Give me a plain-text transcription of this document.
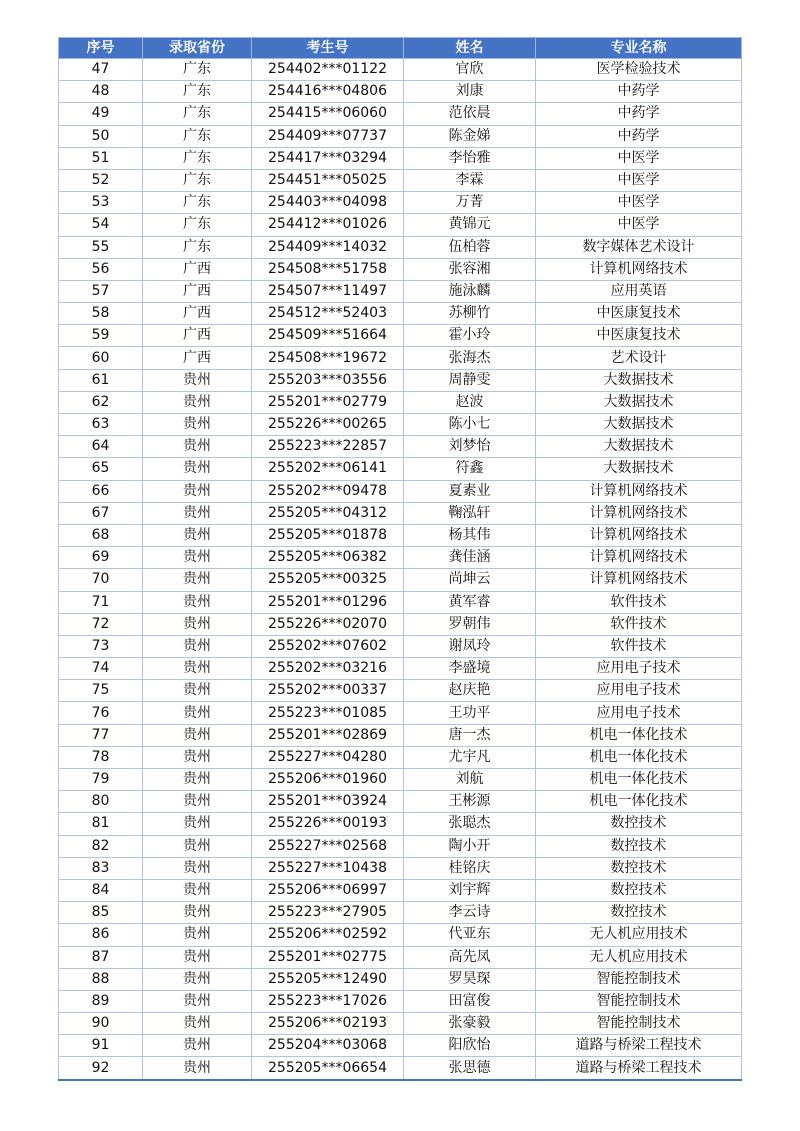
序号	录取省份	考生号	姓名	专业名称
47	广东	254402***01122	官欣	医学检验技术
48	广东	254416***04806	刘康	中药学
49	广东	254415***06060	范依晨	中药学
50	广东	254409***07737	陈金娣	中药学
51	广东	254417***03294	李怡雅	中医学
52	广东	254451***05025	李霖	中医学
53	广东	254403***04098	万菁	中医学
54	广东	254412***01026	黄锦元	中医学
55	广东	254409***14032	伍柏蓉	数字媒体艺术设计
56	广西	254508***51758	张容湘	计算机网络技术
57	广西	254507***11497	施泳麟	应用英语
58	广西	254512***52403	苏柳竹	中医康复技术
59	广西	254509***51664	霍小玲	中医康复技术
60	广西	254508***19672	张海杰	艺术设计
61	贵州	255203***03556	周静雯	大数据技术
62	贵州	255201***02779	赵波	大数据技术
63	贵州	255226***00265	陈小七	大数据技术
64	贵州	255223***22857	刘梦怡	大数据技术
65	贵州	255202***06141	符鑫	大数据技术
66	贵州	255202***09478	夏素业	计算机网络技术
67	贵州	255205***04312	鞠泓轩	计算机网络技术
68	贵州	255205***01878	杨其伟	计算机网络技术
69	贵州	255205***06382	龚佳涵	计算机网络技术
70	贵州	255205***00325	尚坤云	计算机网络技术
71	贵州	255201***01296	黄军睿	软件技术
72	贵州	255226***02070	罗朝伟	软件技术
73	贵州	255202***07602	谢凤玲	软件技术
74	贵州	255202***03216	李盛境	应用电子技术
75	贵州	255202***00337	赵庆艳	应用电子技术
76	贵州	255223***01085	王功平	应用电子技术
77	贵州	255201***02869	唐一杰	机电一体化技术
78	贵州	255227***04280	尤宇凡	机电一体化技术
79	贵州	255206***01960	刘航	机电一体化技术
80	贵州	255201***03924	王彬源	机电一体化技术
81	贵州	255226***00193	张聪杰	数控技术
82	贵州	255227***02568	陶小开	数控技术
83	贵州	255227***10438	桂铭庆	数控技术
84	贵州	255206***06997	刘宇辉	数控技术
85	贵州	255223***27905	李云诗	数控技术
86	贵州	255206***02592	代亚东	无人机应用技术
87	贵州	255201***02775	高先凤	无人机应用技术
88	贵州	255205***12490	罗昊琛	智能控制技术
89	贵州	255223***17026	田富俊	智能控制技术
90	贵州	255206***02193	张豪毅	智能控制技术
91	贵州	255204***03068	阳欣怡	道路与桥梁工程技术
92	贵州	255205***06654	张思德	道路与桥梁工程技术
